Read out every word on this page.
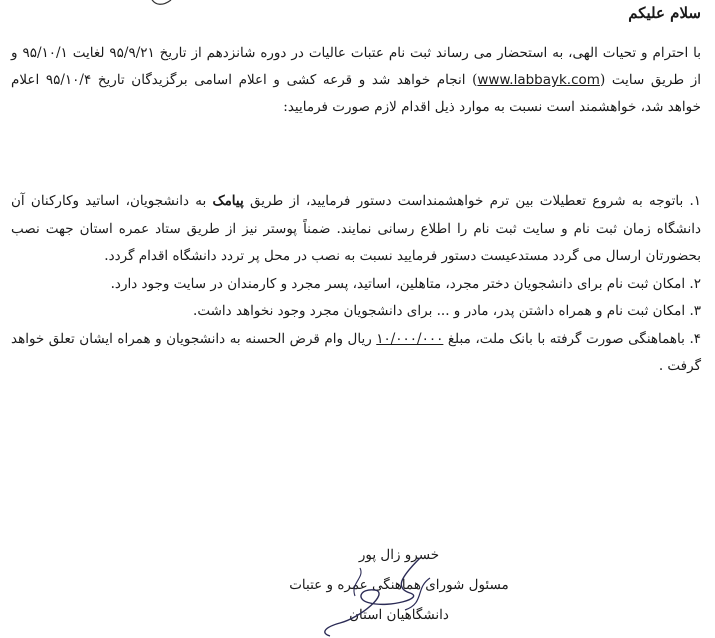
سلام علیکم

با احترام و تحیات الهی، به استحضار می رساند ثبت نام عتبات عالیات در دوره شانزدهم از تاریخ ۹۵/۹/۲۱ لغایت ۹۵/۱۰/۱ و از طریق سایت (www.labbayk.com) انجام خواهد شد و قرعه کشی و اعلام اسامی برگزیدگان تاریخ ۹۵/۱۰/۴ اعلام خواهد شد، خواهشمند است نسبت به موارد ذیل اقدام لازم صورت فرمایید:

۱. باتوجه به شروع تعطیلات بین ترم خواهشمنداست دستور فرمایید، از طریق پیامک به دانشجویان، اساتید وکارکنان آن دانشگاه زمان ثبت نام و سایت ثبت نام را اطلاع رسانی نمایند. ضمناً پوستر نیز از طریق ستاد عمره استان جهت نصب بحضورتان ارسال می گردد مستدعیست دستور فرمایید نسبت به نصب در محل پر تردد دانشگاه اقدام گردد.

۲. امکان ثبت نام برای دانشجویان دختر مجرد، متاهلین، اساتید، پسر مجرد و کارمندان در سایت وجود دارد.

۳. امکان ثبت نام و همراه داشتن پدر، مادر و ... برای دانشجویان مجرد وجود نخواهد داشت.

۴. باهماهنگی صورت گرفته با بانک ملت، مبلغ ۱۰/۰۰۰/۰۰۰ ریال وام قرض الحسنه به دانشجویان و همراه ایشان تعلق خواهد گرفت .

خسرو زال پور
مسئول شورای هماهنگی عمره و عتبات
دانشگاهیان استان
